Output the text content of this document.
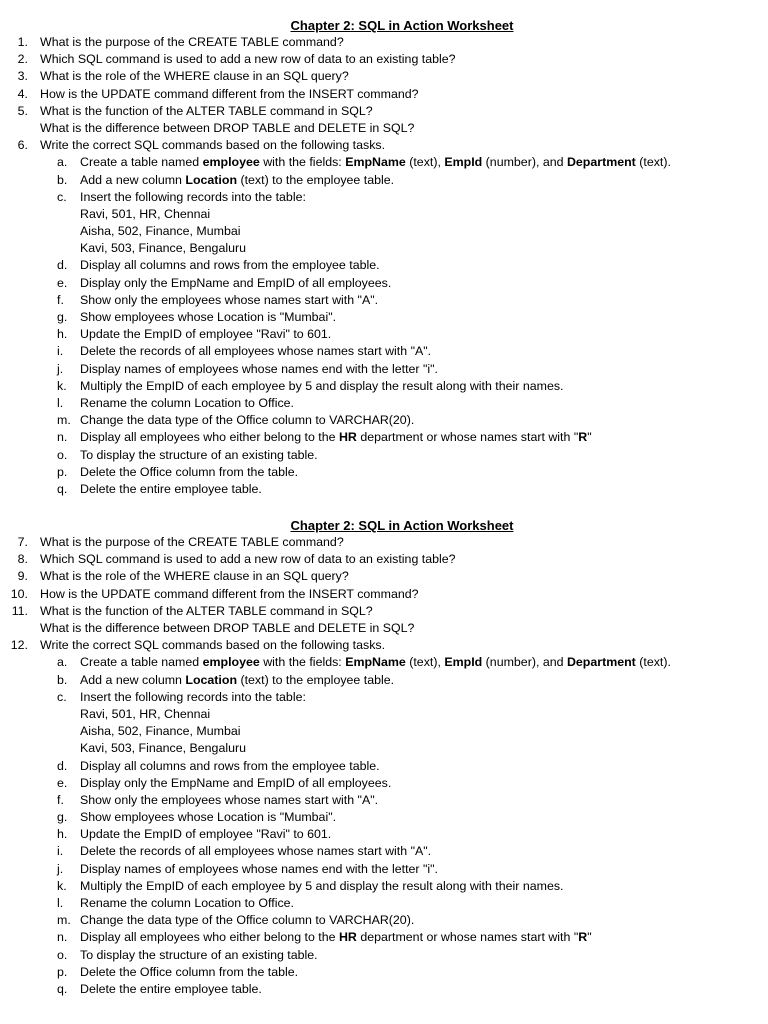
Chapter 2: SQL in Action Worksheet
1. What is the purpose of the CREATE TABLE command?
2. Which SQL command is used to add a new row of data to an existing table?
3. What is the role of the WHERE clause in an SQL query?
4. How is the UPDATE command different from the INSERT command?
5. What is the function of the ALTER TABLE command in SQL?
What is the difference between DROP TABLE and DELETE in SQL?
6. Write the correct SQL commands based on the following tasks.
a. Create a table named employee with the fields: EmpName (text), EmpId (number), and Department (text).
b. Add a new column Location (text) to the employee table.
c.	Insert the following records into the table:
Ravi, 501, HR, Chennai
Aisha, 502, Finance, Mumbai
Kavi, 503, Finance, Bengaluru
d. Display all columns and rows from the employee table.
e. Display only the EmpName and EmpID of all employees.
f.	Show only the employees whose names start with "A".
g. Show employees whose Location is "Mumbai".
h. Update the EmpID of employee "Ravi" to 601.
i.	Delete the records of all employees whose names start with "A".
j.	Display names of employees whose names end with the letter "i".
k.	Multiply the EmpID of each employee by 5 and display the result along with their names.
l.	Rename the column Location to Office.
m. Change the data type of the Office column to VARCHAR(20).
n. Display all employees who either belong to the HR department or whose names start with "R"
o. To display the structure of an existing table.
p. Delete the Office column from the table.
q. Delete the entire employee table.
Chapter 2: SQL in Action Worksheet
7. What is the purpose of the CREATE TABLE command?
8. Which SQL command is used to add a new row of data to an existing table?
9. What is the role of the WHERE clause in an SQL query?
10. How is the UPDATE command different from the INSERT command?
11. What is the function of the ALTER TABLE command in SQL?
What is the difference between DROP TABLE and DELETE in SQL?
12. Write the correct SQL commands based on the following tasks.
a. Create a table named employee with the fields: EmpName (text), EmpId (number), and Department (text).
b. Add a new column Location (text) to the employee table.
c.	Insert the following records into the table:
Ravi, 501, HR, Chennai
Aisha, 502, Finance, Mumbai
Kavi, 503, Finance, Bengaluru
d. Display all columns and rows from the employee table.
e. Display only the EmpName and EmpID of all employees.
f.	Show only the employees whose names start with "A".
g. Show employees whose Location is "Mumbai".
h. Update the EmpID of employee "Ravi" to 601.
i.	Delete the records of all employees whose names start with "A".
j.	Display names of employees whose names end with the letter "i".
k.	Multiply the EmpID of each employee by 5 and display the result along with their names.
l.	Rename the column Location to Office.
m. Change the data type of the Office column to VARCHAR(20).
n. Display all employees who either belong to the HR department or whose names start with "R"
o. To display the structure of an existing table.
p. Delete the Office column from the table.
q. Delete the entire employee table.
